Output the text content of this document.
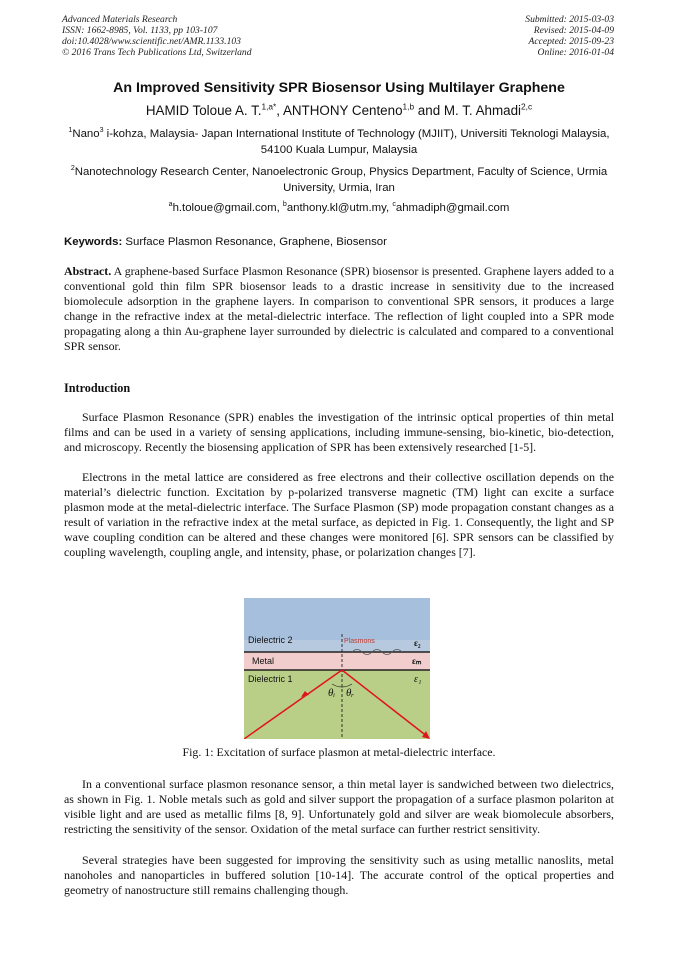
Advanced Materials Research
ISSN: 1662-8985, Vol. 1133, pp 103-107
doi:10.4028/www.scientific.net/AMR.1133.103
© 2016 Trans Tech Publications Ltd, Switzerland
Submitted: 2015-03-03
Revised: 2015-04-09
Accepted: 2015-09-23
Online: 2016-01-04
An Improved Sensitivity SPR Biosensor Using Multilayer Graphene
HAMID Toloue A. T.$^{1,a*}$, ANTHONY Centeno$^{1,b}$ and M. T. Ahmadi$^{2,c}$
$^1$Nano$^3$ i-kohza, Malaysia- Japan International Institute of Technology (MJIIT), Universiti Teknologi Malaysia, 54100 Kuala Lumpur, Malaysia
$^2$Nanotechnology Research Center, Nanoelectronic Group, Physics Department, Faculty of Science, Urmia University, Urmia, Iran
$^a$h.toloue@gmail.com, $^b$anthony.kl@utm.my, $^c$ahmadiph@gmail.com
Keywords: Surface Plasmon Resonance, Graphene, Biosensor
Abstract. A graphene-based Surface Plasmon Resonance (SPR) biosensor is presented. Graphene layers added to a conventional gold thin film SPR biosensor leads to a drastic increase in sensitivity due to the increased biomolecule adsorption in the graphene layers. In comparison to conventional SPR sensors, it produces a large change in the refractive index at the metal-dielectric interface. The reflection of light coupled into a SPR mode propagating along a thin Au-graphene layer surrounded by dielectric is calculated and compared to a conventional SPR sensor.
Introduction
Surface Plasmon Resonance (SPR) enables the investigation of the intrinsic optical properties of thin metal films and can be used in a variety of sensing applications, including immune-sensing, bio-kinetic, bio-detection, and microscopy. Recently the biosensing application of SPR has been extensively researched [1-5].
Electrons in the metal lattice are considered as free electrons and their collective oscillation depends on the material’s dielectric function. Excitation by p-polarized transverse magnetic (TM) light can excite a surface plasmon mode at the metal-dielectric interface. The Surface Plasmon (SP) mode propagation constant changes as a result of variation in the refractive index at the metal surface, as depicted in Fig. 1. Consequently, the light and SP wave coupling condition can be altered and these changes were monitored [6]. SPR sensors can be classified by coupling wavelength, coupling angle, and intensity, phase, or polarization changes [7].
Dielectric 2	Plasmons
Metal
Dielectric 1
ε₂
εₘ
ε₁
θᵢ θᵣ
Fig. 1: Excitation of surface plasmon at metal-dielectric interface.
In a conventional surface plasmon resonance sensor, a thin metal layer is sandwiched between two dielectrics, as shown in Fig. 1. Noble metals such as gold and silver support the propagation of a surface plasmon polariton at visible light and are used as metallic films [8, 9]. Unfortunately gold and silver are weak biomolecule absorbers, restricting the sensitivity of the sensor. Oxidation of the metal surface can further restrict sensitivity.
Several strategies have been suggested for improving the sensitivity such as using metallic nanoslits, metal nanoholes and nanoparticles in buffered solution [10-14]. The accurate control of the optical properties and geometry of nanostructure still remains challenging though.
